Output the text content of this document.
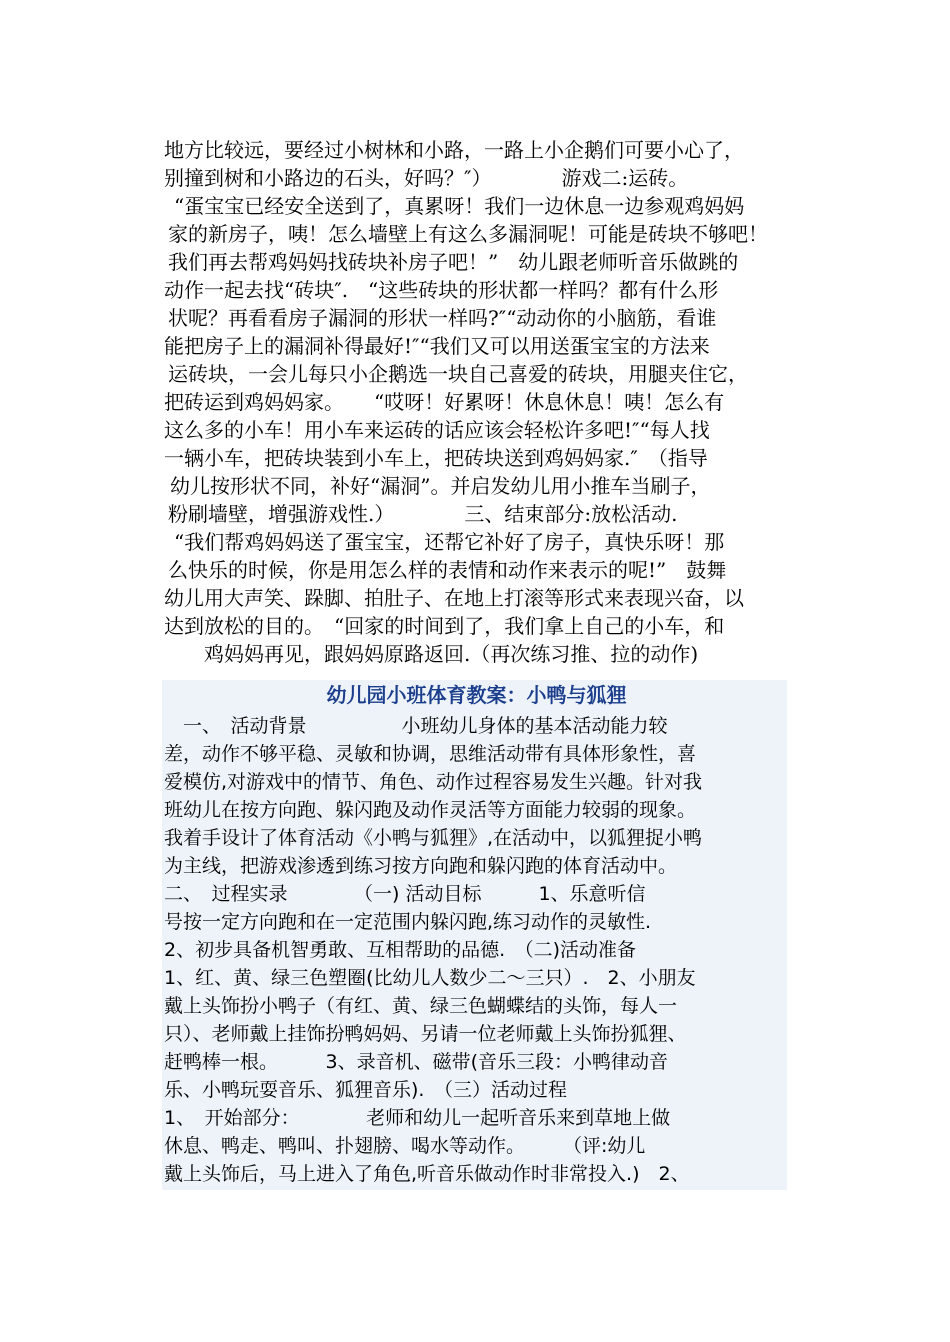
地方比较远，要经过小树林和小路，一路上小企鹅们可要小心了，
别撞到树和小路边的石头，好吗？″）　　　　游戏二:运砖。
“蛋宝宝已经安全送到了，真累呀！我们一边休息一边参观鸡妈妈
家的新房子，咦！怎么墙壁上有这么多漏洞呢！可能是砖块不够吧！
我们再去帮鸡妈妈找砖块补房子吧！”　幼儿跟老师听音乐做跳的
动作一起去找“砖块″.　“这些砖块的形状都一样吗？都有什么形
状呢？再看看房子漏洞的形状一样吗?″“动动你的小脑筋，看谁
能把房子上的漏洞补得最好!″“我们又可以用送蛋宝宝的方法来
运砖块，一会儿每只小企鹅选一块自己喜爱的砖块，用腿夹住它，
把砖运到鸡妈妈家。　　“哎呀！好累呀！休息休息！咦！怎么有
这么多的小车！用小车来运砖的话应该会轻松许多吧!″“每人找
一辆小车，把砖块装到小车上，把砖块送到鸡妈妈家.″　（指导
幼儿按形状不同，补好“漏洞”。并启发幼儿用小推车当刷子，
粉刷墙壁，增强游戏性.）　　　　三、结束部分:放松活动.
“我们帮鸡妈妈送了蛋宝宝，还帮它补好了房子，真快乐呀！那
么快乐的时候，你是用怎么样的表情和动作来表示的呢!”　鼓舞
幼儿用大声笑、跺脚、拍肚子、在地上打滚等形式来表现兴奋，以
达到放松的目的。　“回家的时间到了，我们拿上自己的小车，和
鸡妈妈再见，跟妈妈原路返回.（再次练习推、拉的动作)
幼儿园小班体育教案：小鸭与狐狸
　一、　活动背景　　　　　小班幼儿身体的基本活动能力较
差，动作不够平稳、灵敏和协调，思维活动带有具体形象性，喜
爱模仿,对游戏中的情节、角色、动作过程容易发生兴趣。针对我
班幼儿在按方向跑、躲闪跑及动作灵活等方面能力较弱的现象。
我着手设计了体育活动《小鸭与狐狸》,在活动中，以狐狸捉小鸭
为主线，把游戏渗透到练习按方向跑和躲闪跑的体育活动中。
二、　过程实录　　　　（一) 活动目标　　　1、乐意听信
号按一定方向跑和在一定范围内躲闪跑,练习动作的灵敏性.
2、初步具备机智勇敢、互相帮助的品德.　（二)活动准备
1、红、黄、绿三色塑圈(比幼儿人数少二～三只）.　2、小朋友
戴上头饰扮小鸭子（有红、黄、绿三色蝴蝶结的头饰，每人一
只）、老师戴上挂饰扮鸭妈妈、另请一位老师戴上头饰扮狐狸、
赶鸭棒一根。　　　3、录音机、磁带(音乐三段：小鸭律动音
乐、小鸭玩耍音乐、狐狸音乐).　（三）活动过程
1、　开始部分：　　　　老师和幼儿一起听音乐来到草地上做
休息、鸭走、鸭叫、扑翅膀、喝水等动作。　　　（评:幼儿
戴上头饰后，马上进入了角色,听音乐做动作时非常投入.)　2、
